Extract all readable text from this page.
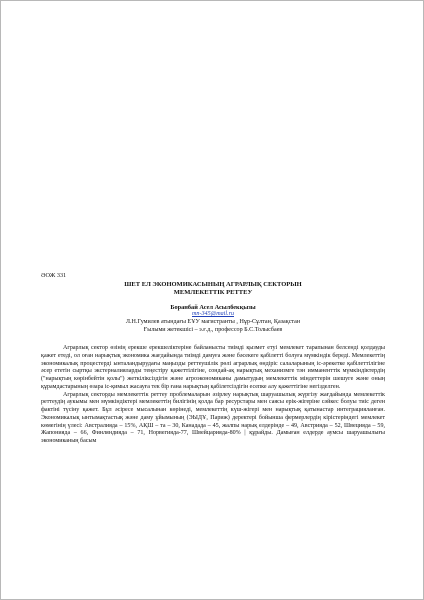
ӘОЖ 331

ШЕТ ЕЛ ЭКОНОМИКАСЫНЫҢ АГРАРЛЫҚ СЕКТОРЫН

МЕМЛЕКЕТТІК РЕТТЕУ

Боранбай Асел Асылбекқызы

mn-345@mail.ru

Л.Н.Гумилев атындағы ЕҰУ магистранты , Нұр-Сұлтан, Қазақстан

Ғылыми жетекшісі – э.ғ.д., профессор Б.С.Толысбаев

Аграрлық сектор өзінің ерекше ерекшеліктеріне байланысты тиімді қызмет етуі мемлекет тарапынан белсенді қолдауды қажет етеді, ол оған нарықтық экономика жағдайында тиімді дамуға және бәсекеге қабілетті болуға мүмкіндік береді. Мемлекеттің экономикалық процестерді ынталандырудағы маңызды реттеушілік рөлі аграрлық өндіріс салаларының іс-әрекетке қабілеттілігіне әсер ететін сыртқы экстерналияларды теңестіру қажеттілігіне, сондай-ақ нарықтық механизмге тән имманенттік мүмкіндіктердің ("нарықтың көрінбейтін қолы") жеткіліксіздігін және агроэкономиканы дамытудың мемлекеттік міндеттерін шешуге және оның құрамдастарының өзара іс-қимыл жасауға тек бір ғана нарықтың қабілетсіздігін есепке алу қажеттігіне негізделген.

Аграрлық секторды мемлекеттік реттеу проблемаларын әзірлеу нарықтық шаруашылық жүргізу жағдайында мемлекеттік реттеудің аукымы мен мүмкіндіктері мемлекеттің билігінің қолда бар ресурстары мен саясы ерік-жігеріне сәйкес болуы тиіс деген фактіні түсіну қажет. Бұл әсіресе мысалынан көрінеді, мемлекеттің күш-жігері мен нарықтық қатынастар интеграцияланған. Экономикалық ынтымақтастық және даму ұйымының (ЭЫДҰ, Париж) деректері бойынша фермерлердің кірістеріндегі мемлекет көмегінің үлесі: Австралияда – 15%, АҚШ – та – 30, Канадада – 45, жалпы нарық елдерінде – 49, Австрияда – 52, Швецияда – 59, Жапонияда – 66, Финляндияда – 71, Норвегияда-77, Швейцарияда-80% | құрайды. Дамыған елдерде аумсы шаруашылығы экономиканың басым
